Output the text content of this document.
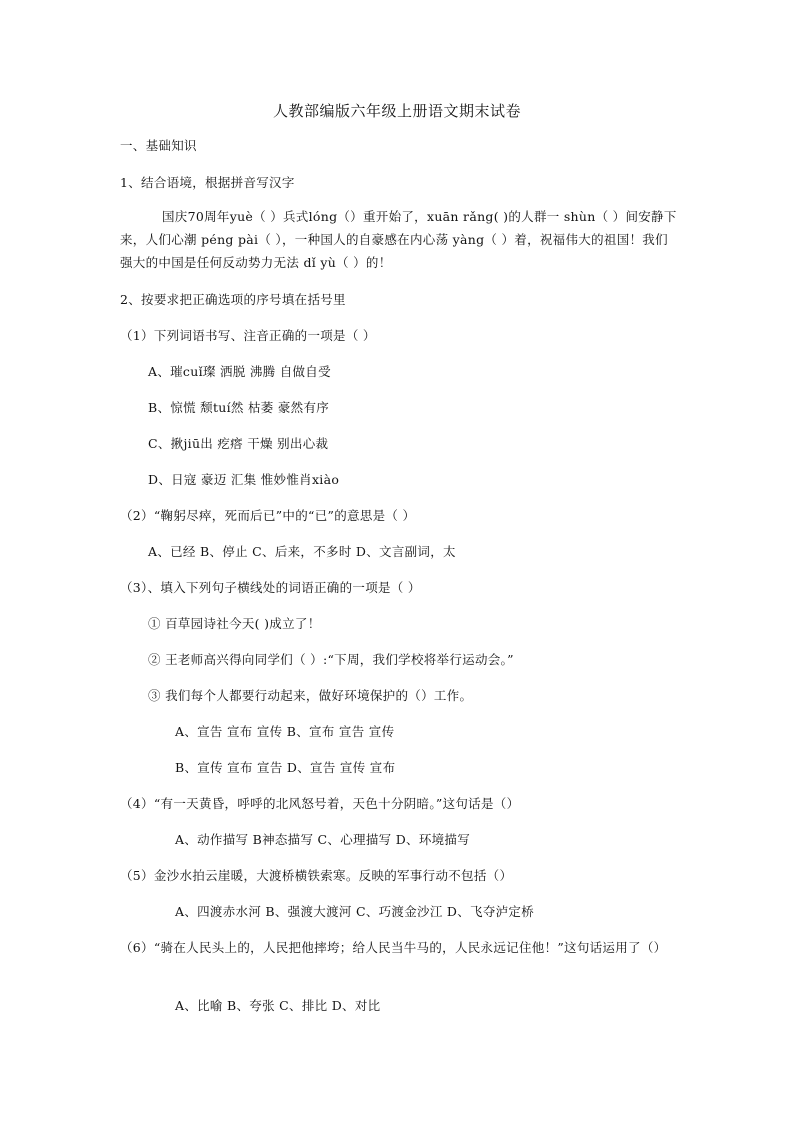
人教部编版六年级上册语文期末试卷
一、基础知识
1、结合语境，根据拼音写汉字
国庆70周年yuè（ ）兵式lóng（）重开始了，xuān rǎng( )的人群一 shùn（ ）间安静下来，人们心潮 péng pài（ ），一种国人的自豪感在内心荡 yàng（ ）着，祝福伟大的祖国！我们强大的中国是任何反动势力无法 dǐ yù（ ）的！
2、按要求把正确选项的序号填在括号里
（1）下列词语书写、注音正确的一项是（ ）
A、璀cuǐ璨 洒脱 沸腾 自做自受
B、惊慌 颓tuí然 枯萎 豪然有序
C、揪jiū出 疙瘩 干燥 别出心裁
D、日寇 豪迈 汇集 惟妙惟肖xiào
（2）“鞠躬尽瘁，死而后已”中的“已”的意思是（ ）
A、已经 B、停止 C、后来，不多时 D、文言副词，太
（3）、填入下列句子横线处的词语正确的一项是（ ）
① 百草园诗社今天( )成立了！
② 王老师高兴得向同学们（ ）:“下周，我们学校将举行运动会。”
③ 我们每个人都要行动起来，做好环境保护的（）工作。
A、宣告 宣布 宣传 B、宣布 宣告 宣传
B、宣传 宣布 宣告 D、宣告 宣传 宣布
（4）“有一天黄昏，呼呼的北风怒号着，天色十分阴暗。”这句话是（）
A、动作描写 B神态描写 C、心理描写 D、环境描写
（5）金沙水拍云崖暖，大渡桥横铁索寒。反映的军事行动不包括（）
A、四渡赤水河 B、强渡大渡河 C、巧渡金沙江 D、飞夺泸定桥
（6）“骑在人民头上的，人民把他摔垮；给人民当牛马的，人民永远记住他！”这句话运用了（）
A、比喻 B、夸张 C、排比 D、对比
